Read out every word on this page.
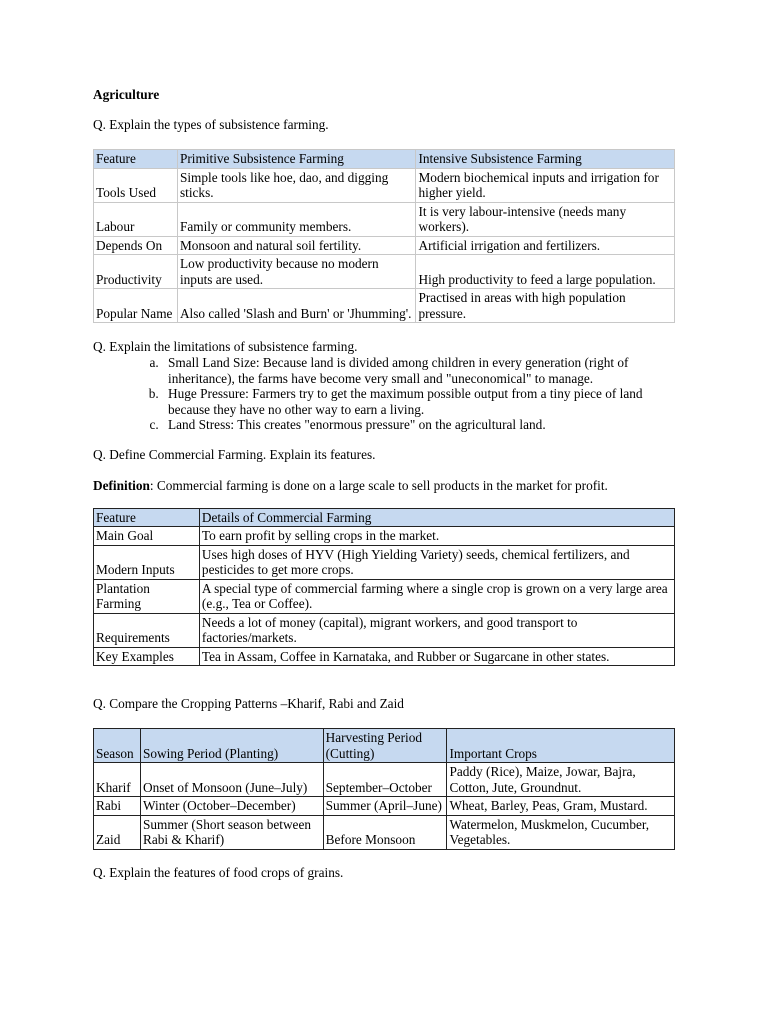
Agriculture

Q. Explain the types of subsistence farming.

Feature	Primitive Subsistence Farming	Intensive Subsistence Farming
Tools Used	Simple tools like hoe, dao, and digging sticks.	Modern biochemical inputs and irrigation for higher yield.
Labour	Family or community members.	It is very labour-intensive (needs many workers).
Depends On	Monsoon and natural soil fertility.	Artificial irrigation and fertilizers.
Productivity	Low productivity because no modern inputs are used.	High productivity to feed a large population.
Popular Name	Also called 'Slash and Burn' or 'Jhumming'.	Practised in areas with high population pressure.

Q. Explain the limitations of subsistence farming.

a. Small Land Size: Because land is divided among children in every generation (right of inheritance), the farms have become very small and "uneconomical" to manage.
b. Huge Pressure: Farmers try to get the maximum possible output from a tiny piece of land because they have no other way to earn a living.
c. Land Stress: This creates "enormous pressure" on the agricultural land.

Q. Define Commercial Farming. Explain its features.

Definition: Commercial farming is done on a large scale to sell products in the market for profit.

Feature	Details of Commercial Farming
Main Goal	To earn profit by selling crops in the market.
Modern Inputs	Uses high doses of HYV (High Yielding Variety) seeds, chemical fertilizers, and pesticides to get more crops.
Plantation Farming	A special type of commercial farming where a single crop is grown on a very large area (e.g., Tea or Coffee).
Requirements	Needs a lot of money (capital), migrant workers, and good transport to factories/markets.
Key Examples	Tea in Assam, Coffee in Karnataka, and Rubber or Sugarcane in other states.

Q. Compare the Cropping Patterns –Kharif, Rabi and Zaid

Season	Sowing Period (Planting)	Harvesting Period (Cutting)	Important Crops
Kharif	Onset of Monsoon (June–July)	September–October	Paddy (Rice), Maize, Jowar, Bajra, Cotton, Jute, Groundnut.
Rabi	Winter (October–December)	Summer (April–June)	Wheat, Barley, Peas, Gram, Mustard.
Zaid	Summer (Short season between Rabi & Kharif)	Before Monsoon	Watermelon, Muskmelon, Cucumber, Vegetables.

Q. Explain the features of food crops of grains.
